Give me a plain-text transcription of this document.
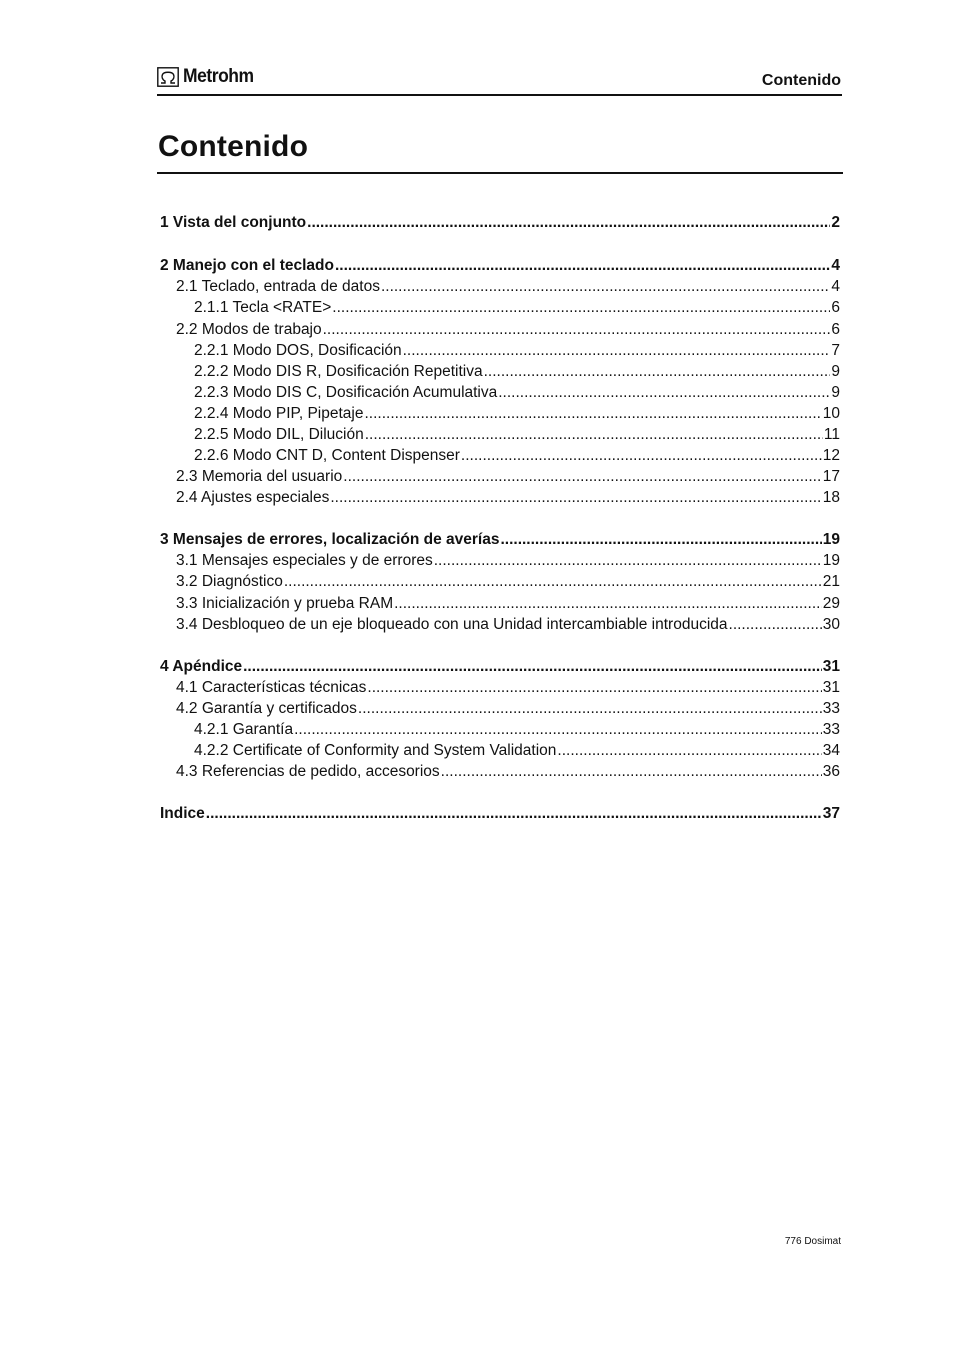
Metrohm	Contenido
Contenido
1 Vista del conjunto .....	2
2 Manejo con el teclado .....	4
2.1 Teclado, entrada de datos .....	4
2.1.1 Tecla <RATE> .....	6
2.2 Modos de trabajo .....	6
2.2.1 Modo DOS, Dosificación .....	7
2.2.2 Modo DIS R, Dosificación Repetitiva .....	9
2.2.3 Modo DIS C, Dosificación Acumulativa .....	9
2.2.4 Modo PIP, Pipetaje .....	10
2.2.5 Modo DIL, Dilución .....	11
2.2.6 Modo CNT D, Content Dispenser .....	12
2.3 Memoria del usuario .....	17
2.4 Ajustes especiales .....	18
3 Mensajes de errores, localización de averías .....	19
3.1 Mensajes especiales y de errores .....	19
3.2 Diagnóstico .....	21
3.3 Inicialización y prueba RAM .....	29
3.4 Desbloqueo de un eje bloqueado con una Unidad intercambiable introducida .....	30
4 Apéndice .....	31
4.1 Características técnicas .....	31
4.2 Garantía y certificados .....	33
4.2.1 Garantía .....	33
4.2.2 Certificate of Conformity and System Validation .....	34
4.3 Referencias de pedido, accesorios .....	36
Indice .....	37
776 Dosimat
